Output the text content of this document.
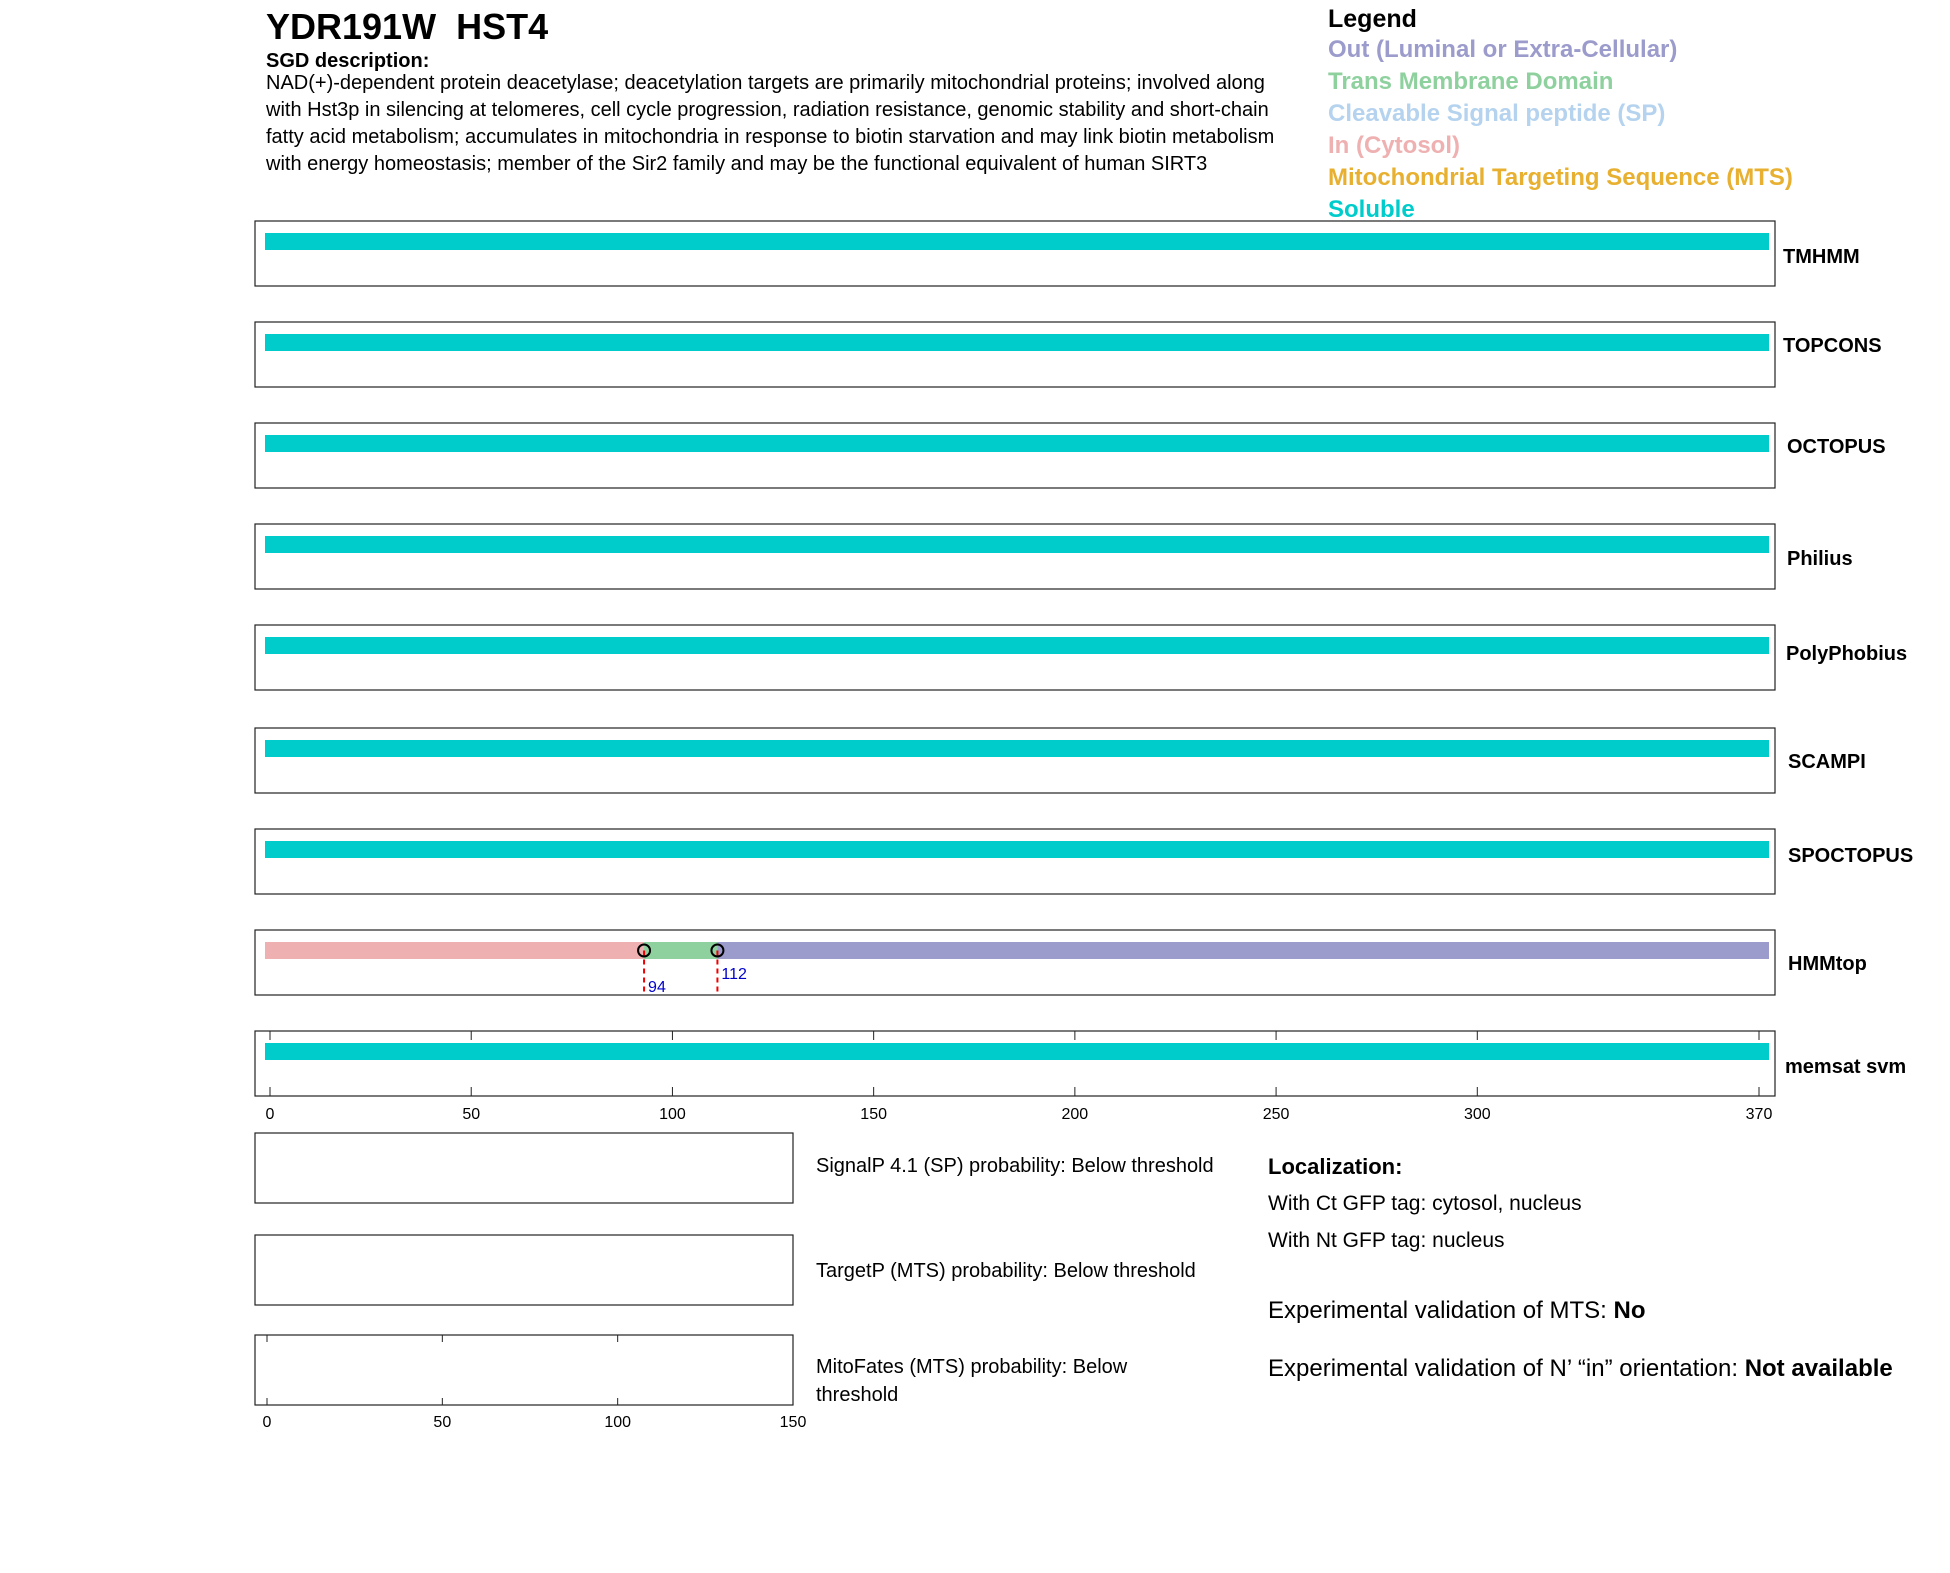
YDR191W HST4
SGD description:
NAD(+)-dependent protein deacetylase; deacetylation targets are primarily mitochondrial proteins; involved along with Hst3p in silencing at telomeres, cell cycle progression, radiation resistance, genomic stability and short-chain fatty acid metabolism; accumulates in mitochondria in response to biotin starvation and may link biotin metabolism with energy homeostasis; member of the Sir2 family and may be the functional equivalent of human SIRT3
Legend
Out (Luminal or Extra-Cellular)
Trans Membrane Domain
Cleavable Signal peptide (SP)
In (Cytosol)
Mitochondrial Targeting Sequence (MTS)
Soluble
TMHMM
TOPCONS
OCTOPUS
Philius
PolyPhobius
SCAMPI
SPOCTOPUS
94
112	HMMtop
memsat svm
0	50	100	150	200	250	300	370
0	50	100	150
SignalP 4.1 (SP) probability: Below threshold
TargetP (MTS) probability: Below threshold
MitoFates (MTS) probability: Below threshold
Localization:
With Ct GFP tag: cytosol, nucleus
With Nt GFP tag: nucleus
Experimental validation of MTS: No
Experimental validation of N’ “in” orientation: Not available
